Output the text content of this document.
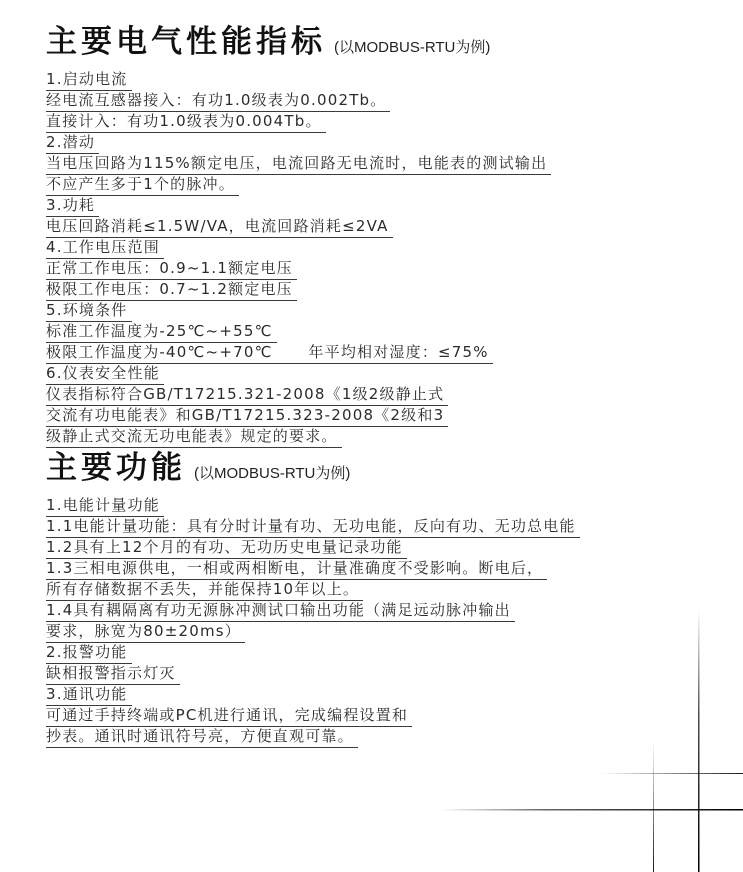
主要电气性能指标 (以MODBUS-RTU为例)
1.启动电流
经电流互感器接入：有功1.0级表为0.002Tb。
直接计入：有功1.0级表为0.004Tb。
2.潜动
当电压回路为115%额定电压，电流回路无电流时，电能表的测试输出
不应产生多于1个的脉冲。
3.功耗
电压回路消耗≤1.5W/VA，电流回路消耗≤2VA
4.工作电压范围
正常工作电压：0.9~1.1额定电压
极限工作电压：0.7~1.2额定电压
5.环境条件
标准工作温度为-25℃~+55℃
极限工作温度为-40℃~+70℃      年平均相对湿度：≤75%
6.仪表安全性能
仪表指标符合GB/T17215.321-2008《1级2级静止式
交流有功电能表》和GB/T17215.323-2008《2级和3
级静止式交流无功电能表》规定的要求。
主要功能 (以MODBUS-RTU为例)
1.电能计量功能
1.1电能计量功能：具有分时计量有功、无功电能，反向有功、无功总电能
1.2具有上12个月的有功、无功历史电量记录功能
1.3三相电源供电，一相或两相断电，计量准确度不受影响。断电后，
所有存储数据不丢失，并能保持10年以上。
1.4具有耦隔离有功无源脉冲测试口输出功能（满足远动脉冲输出
要求，脉宽为80±20ms）
2.报警功能
缺相报警指示灯灭
3.通讯功能
可通过手持终端或PC机进行通讯，完成编程设置和
抄表。通讯时通讯符号亮，方便直观可靠。
